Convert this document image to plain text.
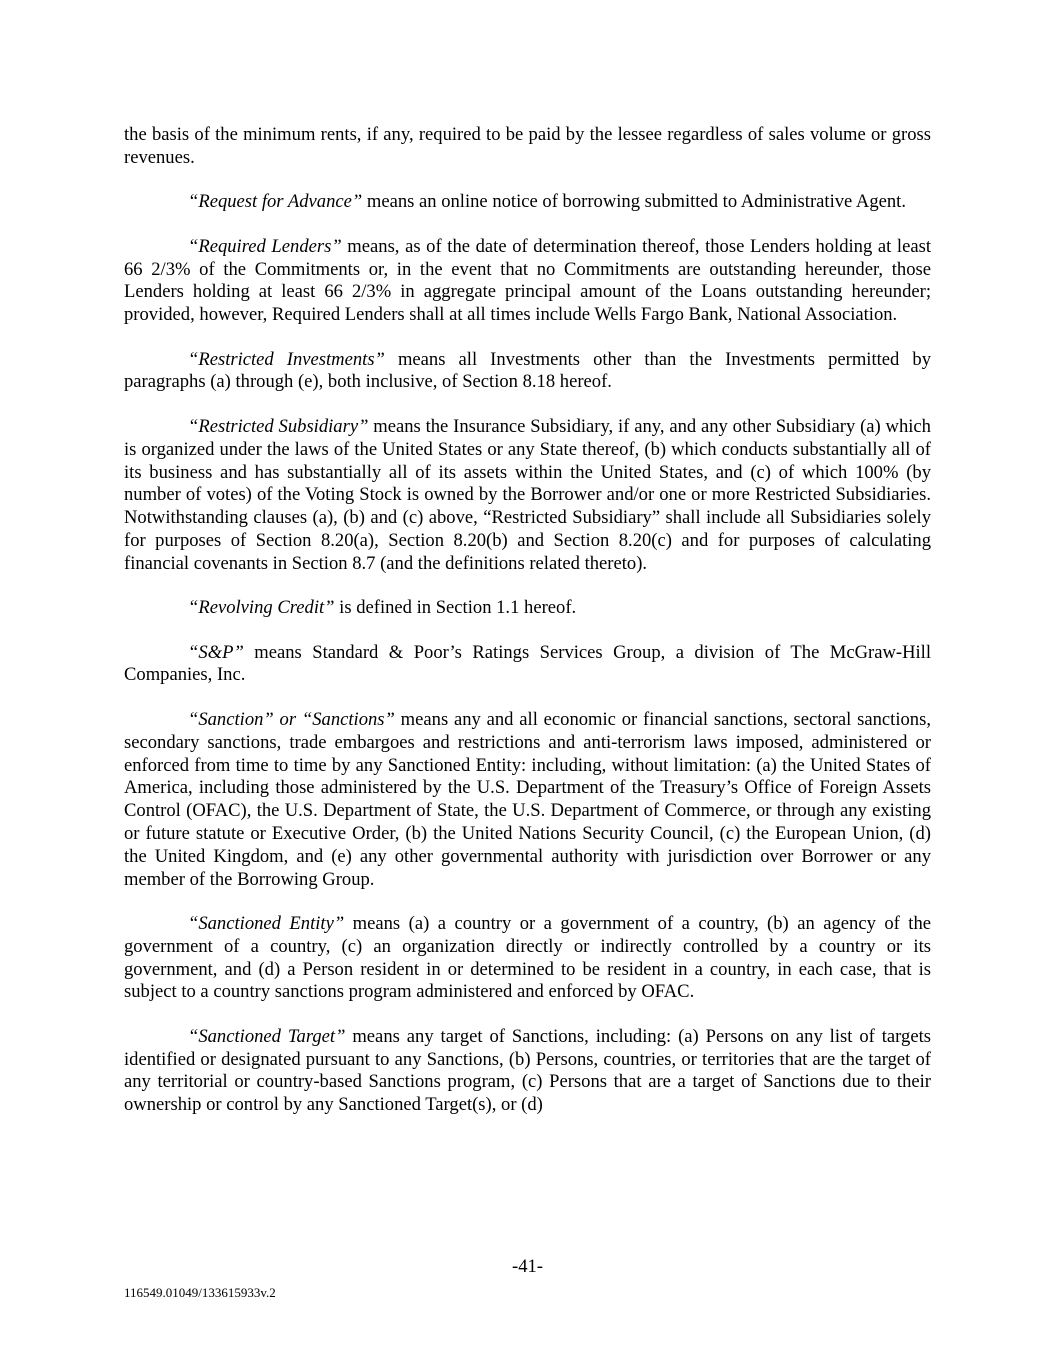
the basis of the minimum rents, if any, required to be paid by the lessee regardless of sales volume or gross revenues.

“Request for Advance” means an online notice of borrowing submitted to Administrative Agent.

“Required Lenders” means, as of the date of determination thereof, those Lenders holding at least 66 2/3% of the Commitments or, in the event that no Commitments are outstanding hereunder, those Lenders holding at least 66 2/3% in aggregate principal amount of the Loans outstanding hereunder; provided, however, Required Lenders shall at all times include Wells Fargo Bank, National Association.

“Restricted Investments” means all Investments other than the Investments permitted by paragraphs (a) through (e), both inclusive, of Section 8.18 hereof.

“Restricted Subsidiary” means the Insurance Subsidiary, if any, and any other Subsidiary (a) which is organized under the laws of the United States or any State thereof, (b) which conducts substantially all of its business and has substantially all of its assets within the United States, and (c) of which 100% (by number of votes) of the Voting Stock is owned by the Borrower and/or one or more Restricted Subsidiaries. Notwithstanding clauses (a), (b) and (c) above, “Restricted Subsidiary” shall include all Subsidiaries solely for purposes of Section 8.20(a), Section 8.20(b) and Section 8.20(c) and for purposes of calculating financial covenants in Section 8.7 (and the definitions related thereto).

“Revolving Credit” is defined in Section 1.1 hereof.

“S&P” means Standard & Poor’s Ratings Services Group, a division of The McGraw-Hill Companies, Inc.

“Sanction” or “Sanctions” means any and all economic or financial sanctions, sectoral sanctions, secondary sanctions, trade embargoes and restrictions and anti-terrorism laws imposed, administered or enforced from time to time by any Sanctioned Entity: including, without limitation: (a) the United States of America, including those administered by the U.S. Department of the Treasury’s Office of Foreign Assets Control (OFAC), the U.S. Department of State, the U.S. Department of Commerce, or through any existing or future statute or Executive Order, (b) the United Nations Security Council, (c) the European Union, (d) the United Kingdom, and (e) any other governmental authority with jurisdiction over Borrower or any member of the Borrowing Group.

“Sanctioned Entity” means (a) a country or a government of a country, (b) an agency of the government of a country, (c) an organization directly or indirectly controlled by a country or its government, and (d) a Person resident in or determined to be resident in a country, in each case, that is subject to a country sanctions program administered and enforced by OFAC.

“Sanctioned Target” means any target of Sanctions, including: (a) Persons on any list of targets identified or designated pursuant to any Sanctions, (b) Persons, countries, or territories that are the target of any territorial or country-based Sanctions program, (c) Persons that are a target of Sanctions due to their ownership or control by any Sanctioned Target(s), or (d)

-41-
116549.01049/133615933v.2
